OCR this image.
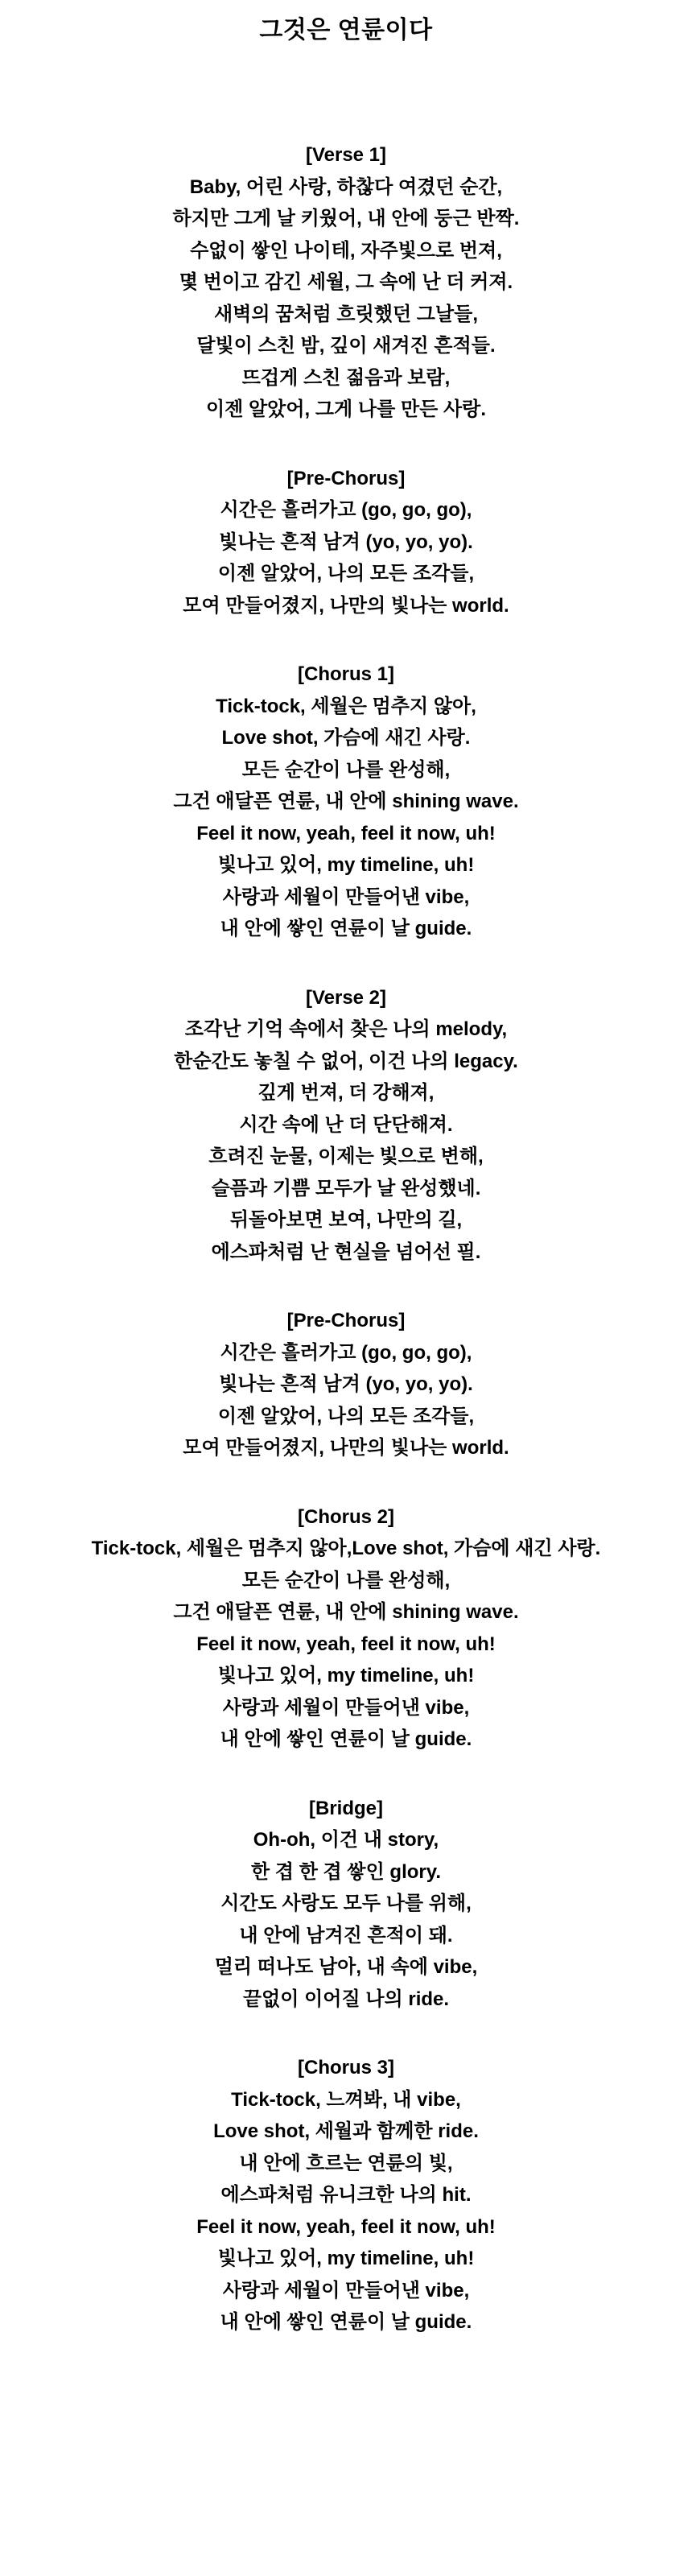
그것은 연륜이다

[Verse 1]

Baby, 어린 사랑, 하찮다 여겼던 순간,

하지만 그게 날 키웠어, 내 안에 둥근 반짝.

수없이 쌓인 나이테, 자주빛으로 번져,

몇 번이고 감긴 세월, 그 속에 난 더 커져.

새벽의 꿈처럼 흐릿했던 그날들,

달빛이 스친 밤, 깊이 새겨진 흔적들.

뜨겁게 스친 젊음과 보람,

이젠 알았어, 그게 나를 만든 사랑.

[Pre-Chorus]

시간은 흘러가고 (go, go, go),

빛나는 흔적 남겨 (yo, yo, yo).

이젠 알았어, 나의 모든 조각들,

모여 만들어졌지, 나만의 빛나는 world.

[Chorus 1]

Tick-tock, 세월은 멈추지 않아,

Love shot, 가슴에 새긴 사랑.

모든 순간이 나를 완성해,

그건 애달픈 연륜, 내 안에 shining wave.

Feel it now, yeah, feel it now, uh!

빛나고 있어, my timeline, uh!

사랑과 세월이 만들어낸 vibe,

내 안에 쌓인 연륜이 날 guide.

[Verse 2]

조각난 기억 속에서 찾은 나의 melody,

한순간도 놓칠 수 없어, 이건 나의 legacy.

깊게 번져, 더 강해져,

시간 속에 난 더 단단해져.

흐려진 눈물, 이제는 빛으로 변해,

슬픔과 기쁨 모두가 날 완성했네.

뒤돌아보면 보여, 나만의 길,

에스파처럼 난 현실을 넘어선 필.

[Pre-Chorus]

시간은 흘러가고 (go, go, go),

빛나는 흔적 남겨 (yo, yo, yo).

이젠 알았어, 나의 모든 조각들,

모여 만들어졌지, 나만의 빛나는 world.

[Chorus 2]

Tick-tock, 세월은 멈추지 않아,Love shot, 가슴에 새긴 사랑.

모든 순간이 나를 완성해,

그건 애달픈 연륜, 내 안에 shining wave.

Feel it now, yeah, feel it now, uh!

빛나고 있어, my timeline, uh!

사랑과 세월이 만들어낸 vibe,

내 안에 쌓인 연륜이 날 guide.

[Bridge]

Oh-oh, 이건 내 story,

한 겹 한 겹 쌓인 glory.

시간도 사랑도 모두 나를 위해,

내 안에 남겨진 흔적이 돼.

멀리 떠나도 남아, 내 속에 vibe,

끝없이 이어질 나의 ride.

[Chorus 3]

Tick-tock, 느껴봐, 내 vibe,

Love shot, 세월과 함께한 ride.

내 안에 흐르는 연륜의 빛,

에스파처럼 유니크한 나의 hit.

Feel it now, yeah, feel it now, uh!

빛나고 있어, my timeline, uh!

사랑과 세월이 만들어낸 vibe,

내 안에 쌓인 연륜이 날 guide.
